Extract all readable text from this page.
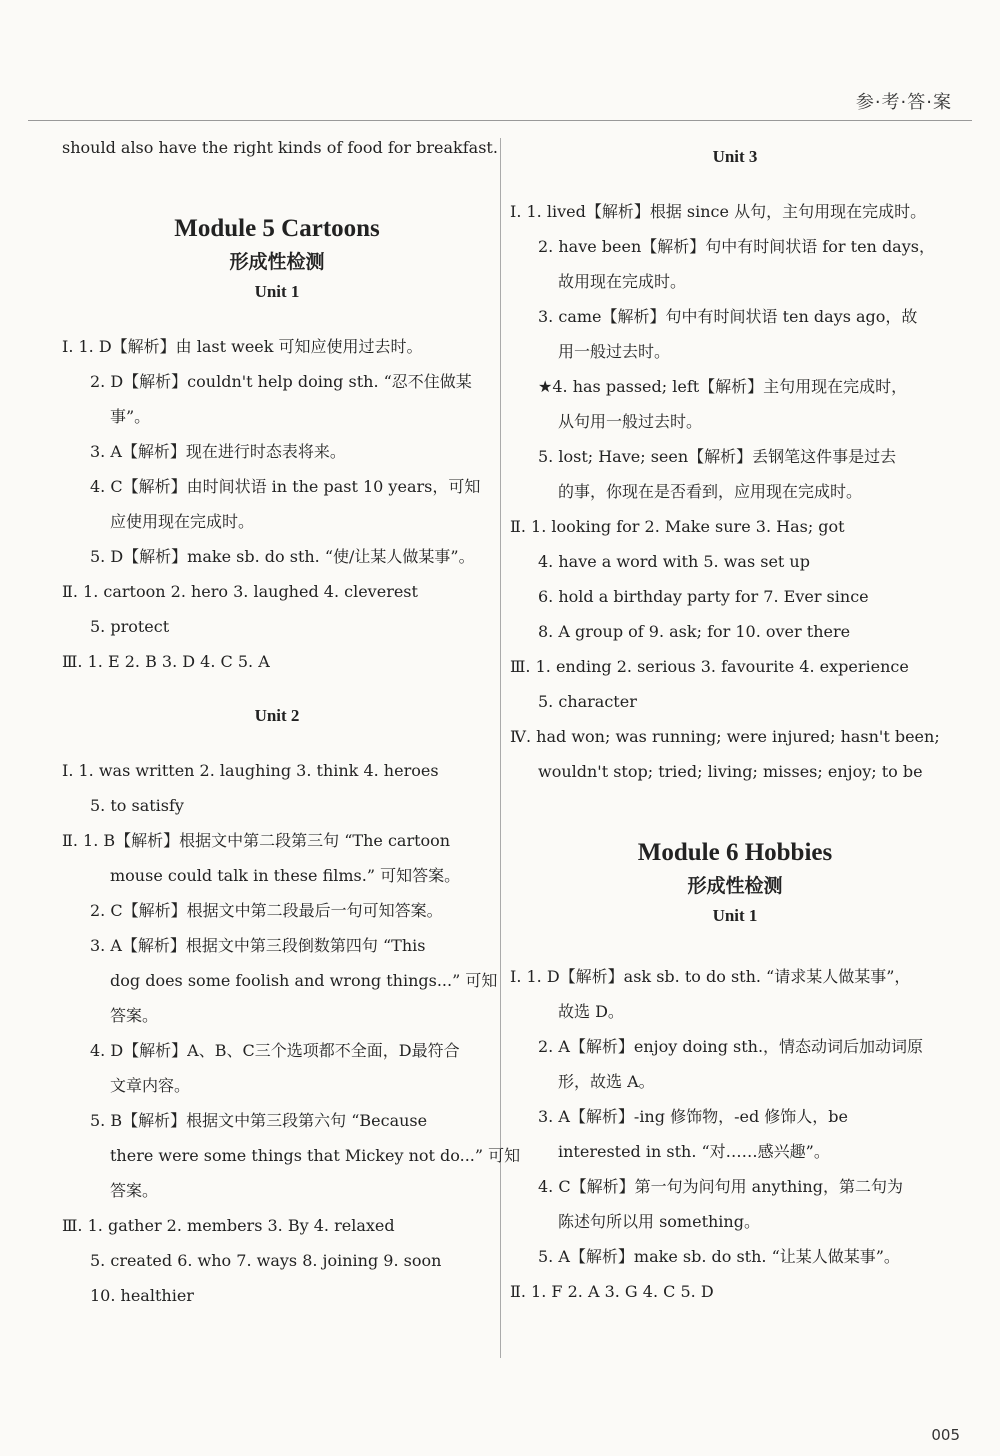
参·考·答·案
should also have the right kinds of food for breakfast.
Module 5 Cartoons
形成性检测
Unit 1
Ⅰ. 1. D【解析】由 last week 可知应使用过去时。
2. D【解析】couldn't help doing sth. “忍不住做某
事”。
3. A【解析】现在进行时态表将来。
4. C【解析】由时间状语 in the past 10 years，可知
应使用现在完成时。
5. D【解析】make sb. do sth. “使/让某人做某事”。
Ⅱ. 1. cartoon 2. hero 3. laughed 4. cleverest
5. protect
Ⅲ. 1. E 2. B 3. D 4. C 5. A
Unit 2
Ⅰ. 1. was written 2. laughing 3. think 4. heroes
5. to satisfy
Ⅱ. 1. B【解析】根据文中第二段第三句 “The cartoon
mouse could talk in these films.” 可知答案。
2. C【解析】根据文中第二段最后一句可知答案。
3. A【解析】根据文中第三段倒数第四句 “This
dog does some foolish and wrong things...” 可知
答案。
4. D【解析】A、B、C三个选项都不全面，D最符合
文章内容。
5. B【解析】根据文中第三段第六句 “Because
there were some things that Mickey not do...” 可知
答案。
Ⅲ. 1. gather 2. members 3. By 4. relaxed
5. created 6. who 7. ways 8. joining 9. soon
10. healthier
Unit 3
Ⅰ. 1. lived【解析】根据 since 从句，主句用现在完成时。
2. have been【解析】句中有时间状语 for ten days，
故用现在完成时。
3. came【解析】句中有时间状语 ten days ago，故
用一般过去时。
★4. has passed; left【解析】主句用现在完成时，
从句用一般过去时。
5. lost; Have; seen【解析】丢钢笔这件事是过去
的事，你现在是否看到，应用现在完成时。
Ⅱ. 1. looking for 2. Make sure 3. Has; got
4. have a word with 5. was set up
6. hold a birthday party for 7. Ever since
8. A group of 9. ask; for 10. over there
Ⅲ. 1. ending 2. serious 3. favourite 4. experience
5. character
Ⅳ. had won; was running; were injured; hasn't been;
wouldn't stop; tried; living; misses; enjoy; to be
Module 6 Hobbies
形成性检测
Unit 1
Ⅰ. 1. D【解析】ask sb. to do sth. “请求某人做某事”，
故选 D。
2. A【解析】enjoy doing sth.，情态动词后加动词原
形，故选 A。
3. A【解析】-ing 修饰物，-ed 修饰人，be
interested in sth. “对……感兴趣”。
4. C【解析】第一句为问句用 anything，第二句为
陈述句所以用 something。
5. A【解析】make sb. do sth. “让某人做某事”。
Ⅱ. 1. F 2. A 3. G 4. C 5. D
005
